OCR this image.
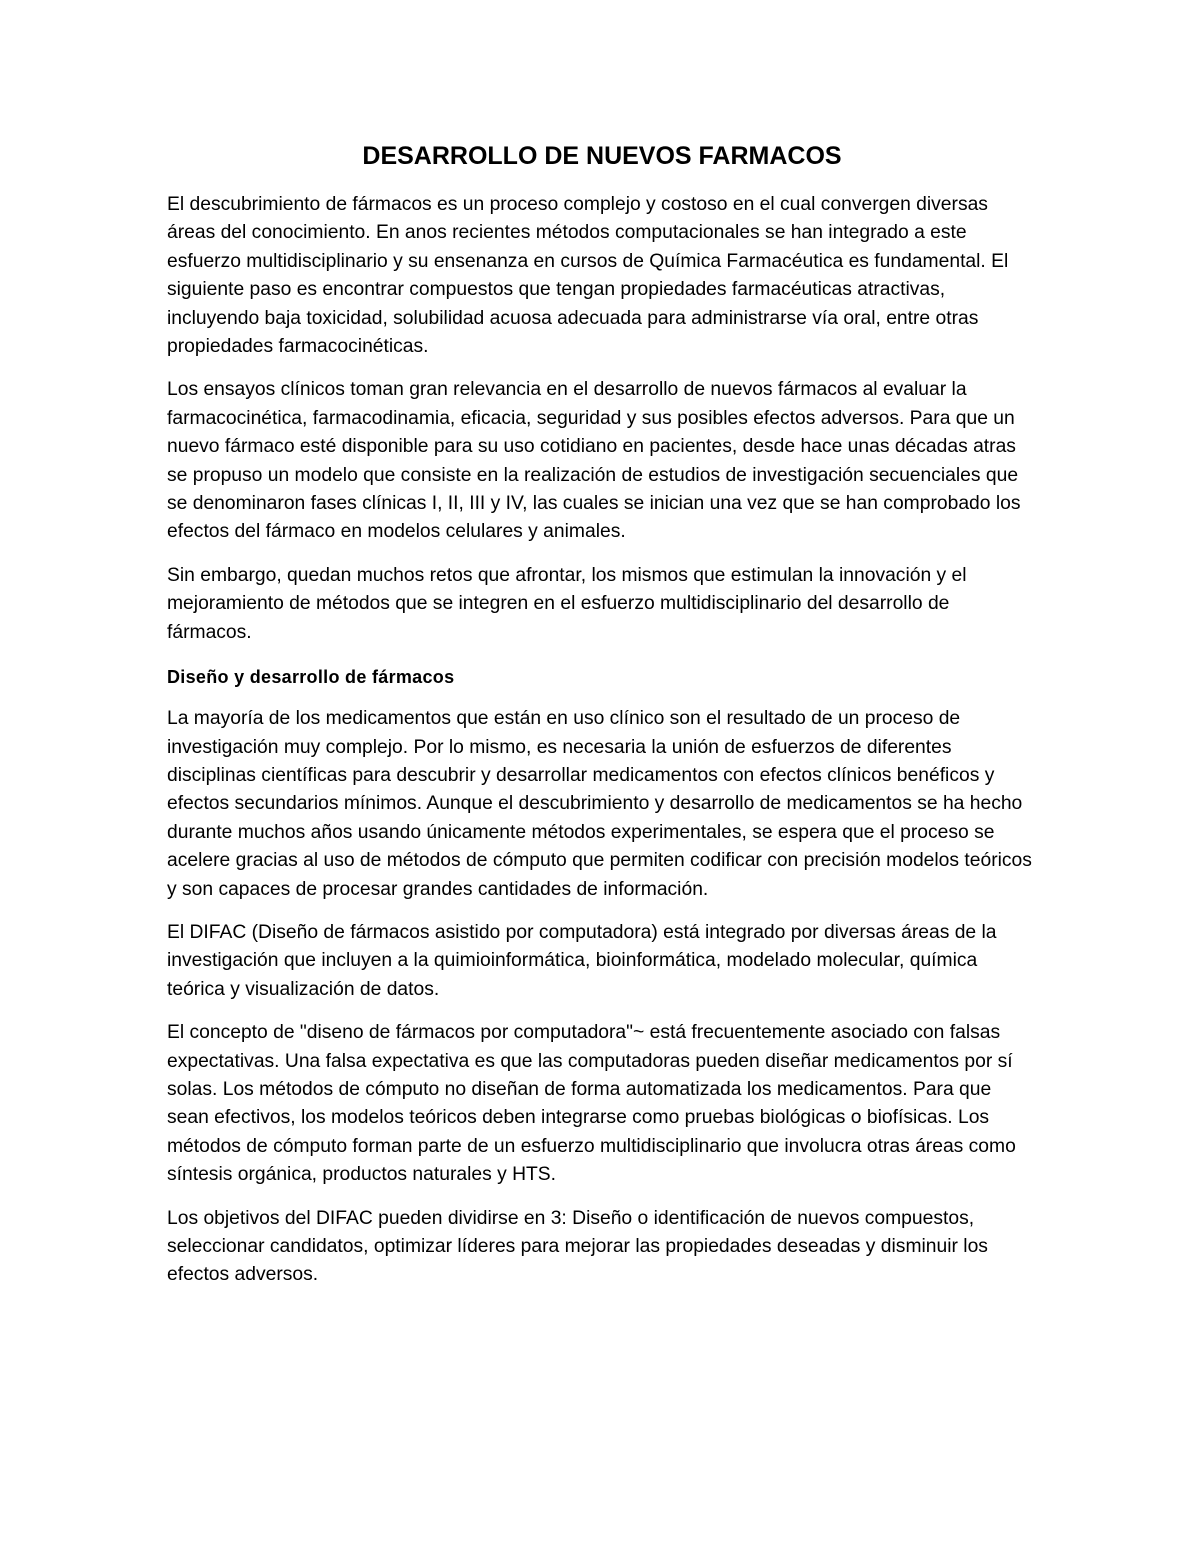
DESARROLLO DE NUEVOS FARMACOS

El descubrimiento de fármacos es un proceso complejo y costoso en el cual convergen diversas áreas del conocimiento. En anos recientes métodos computacionales se han integrado a este esfuerzo multidisciplinario y su ensenanza en cursos de Química Farmacéutica es fundamental. El siguiente paso es encontrar compuestos que tengan propiedades farmacéuticas atractivas, incluyendo baja toxicidad, solubilidad acuosa adecuada para administrarse vía oral, entre otras propiedades farmacocinéticas.

Los ensayos clínicos toman gran relevancia en el desarrollo de nuevos fármacos al evaluar la farmacocinética, farmacodinamia, eficacia, seguridad y sus posibles efectos adversos. Para que un nuevo fármaco esté disponible para su uso cotidiano en pacientes, desde hace unas décadas atras se propuso un modelo que consiste en la realización de estudios de investigación secuenciales que se denominaron fases clínicas I, II, III y IV, las cuales se inician una vez que se han comprobado los efectos del fármaco en modelos celulares y animales.

Sin embargo, quedan muchos retos que afrontar, los mismos que estimulan la innovación y el mejoramiento de métodos que se integren en el esfuerzo multidisciplinario del desarrollo de fármacos.

Diseño y desarrollo de fármacos

La mayoría de los medicamentos que están en uso clínico son el resultado de un proceso de investigación muy complejo. Por lo mismo, es necesaria la unión de esfuerzos de diferentes disciplinas científicas para descubrir y desarrollar medicamentos con efectos clínicos benéficos y efectos secundarios mínimos. Aunque el descubrimiento y desarrollo de medicamentos se ha hecho durante muchos años usando únicamente métodos experimentales, se espera que el proceso se acelere gracias al uso de métodos de cómputo que permiten codificar con precisión modelos teóricos y son capaces de procesar grandes cantidades de información.

El DIFAC (Diseño de fármacos asistido por computadora) está integrado por diversas áreas de la investigación que incluyen a la quimioinformática, bioinformática, modelado molecular, química teórica y visualización de datos.

El concepto de "diseno de fármacos por computadora"~ está frecuentemente asociado con falsas expectativas. Una falsa expectativa es que las computadoras pueden diseñar medicamentos por sí solas. Los métodos de cómputo no diseñan de forma automatizada los medicamentos. Para que sean efectivos, los modelos teóricos deben integrarse como pruebas biológicas o biofísicas. Los métodos de cómputo forman parte de un esfuerzo multidisciplinario que involucra otras áreas como síntesis orgánica, productos naturales y HTS.

Los objetivos del DIFAC pueden dividirse en 3: Diseño o identificación de nuevos compuestos, seleccionar candidatos, optimizar líderes para mejorar las propiedades deseadas y disminuir los efectos adversos.
